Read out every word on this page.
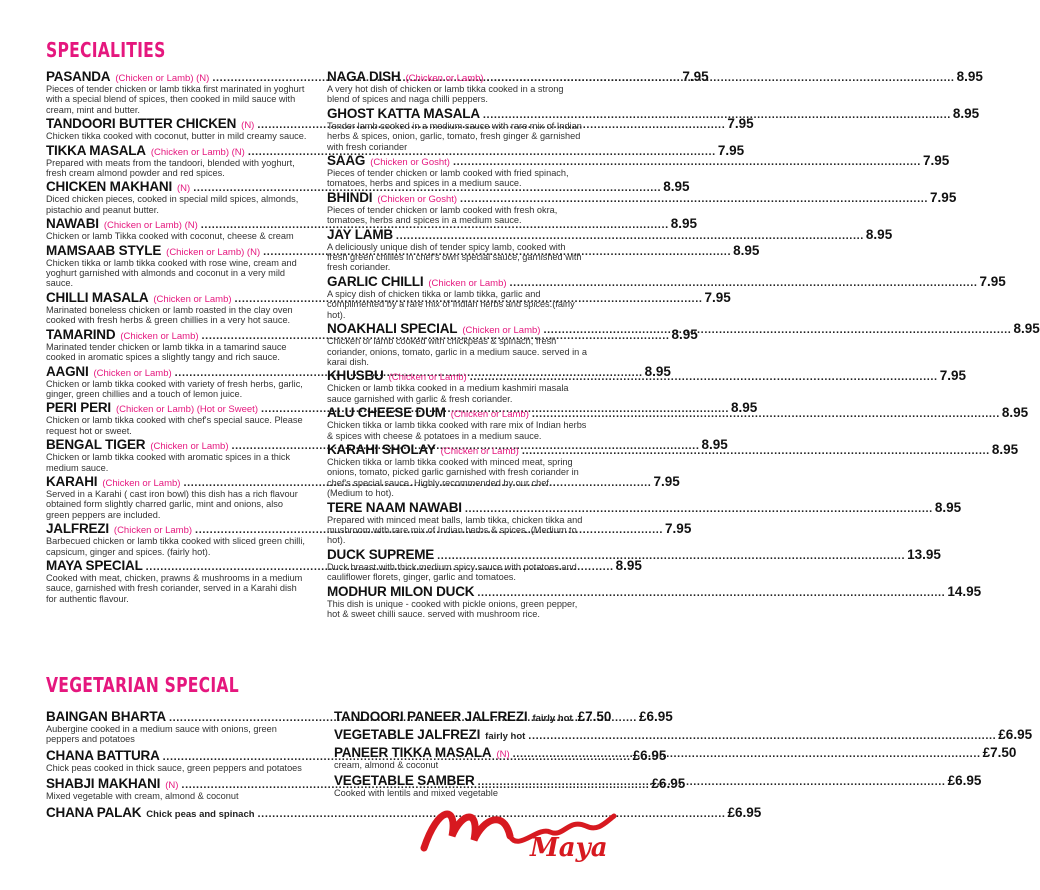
SPECIALITIES
PASANDA (Chicken or Lamb) (N) .....	7.95
Pieces of tender chicken or lamb tikka first marinated in yoghurt with a special blend of spices, then cooked in mild sauce with cream, mint and butter.
TANDOORI BUTTER CHICKEN (N) .....	7.95
Chicken tikka cooked with coconut, butter in mild creamy sauce.
TIKKA MASALA (Chicken or Lamb) (N) .....	7.95
Prepared with meats from the tandoori, blended with yoghurt, fresh cream almond powder and red spices.
CHICKEN MAKHANI (N) .....	8.95
Diced chicken pieces, cooked in special mild spices, almonds, pistachio and peanut butter.
NAWABI (Chicken or Lamb) (N) .....	8.95
Chicken or lamb Tikka cooked with coconut, cheese & cream
MAMSAAB STYLE (Chicken or Lamb) (N) .....	8.95
Chicken tikka or lamb tikka cooked with rose wine, cream and yoghurt garnished with almonds and coconut in a very mild sauce.
CHILLI MASALA (Chicken or Lamb) .....	7.95
Marinated boneless chicken or lamb roasted in the clay oven cooked with fresh herbs & green chillies in a very hot sauce.
TAMARIND (Chicken or Lamb) .....	8.95
Marinated tender chicken or lamb tikka in a tamarind sauce cooked in aromatic spices a slightly tangy and rich sauce.
AAGNI (Chicken or Lamb) .....	8.95
Chicken or lamb tikka cooked with variety of fresh herbs, garlic, ginger, green chillies and a touch of lemon juice.
PERI PERI (Chicken or Lamb) (Hot or Sweet) .....	8.95
Chicken or lamb tikka cooked with chef's special sauce. Please request hot or sweet.
BENGAL TIGER (Chicken or Lamb) .....	8.95
Chicken or lamb tikka cooked with aromatic spices in a thick medium sauce.
KARAHI (Chicken or Lamb) .....	7.95
Served in a Karahi ( cast iron bowl) this dish has a rich flavour obtained form slightly charred garlic, mint and onions, also green peppers are included.
JALFREZI (Chicken or Lamb) .....	7.95
Barbecued chicken or lamb tikka cooked with sliced green chilli, capsicum, ginger and spices. (fairly hot).
MAYA SPECIAL .....	8.95
Cooked with meat, chicken, prawns & mushrooms in a medium sauce, garnished with fresh coriander, served in a Karahi dish for authentic flavour.
NAGA DISH (Chicken or Lamb) .....	8.95
A very hot dish of chicken or lamb tikka cooked in a strong blend of spices and naga chilli peppers.
GHOST KATTA MASALA .....	8.95
Tender lamb cooked in a medium sauce with rare mix of Indian herbs & spices, onion, garlic, tomato, fresh ginger & garnished with fresh coriander
SAAG (Chicken or Gosht) .....	7.95
Pieces of tender chicken or lamb cooked with fried spinach, tomatoes, herbs and spices in a medium sauce.
BHINDI (Chicken or Gosht) .....	7.95
Pieces of tender chicken or lamb cooked with fresh okra, tomatoes, herbs and spices in a medium sauce.
JAY LAMB .....	8.95
A deliciously unique dish of tender spicy lamb, cooked with fresh green chillies in chef's own special sauce, garnished with fresh coriander.
GARLIC CHILLI (Chicken or Lamb) .....	7.95
A spicy dish of chicken tikka or lamb tikka, garlic and complimented by a rare mix of Indian herbs and spices.(fairly hot).
NOAKHALI SPECIAL (Chicken or Lamb) .....	8.95
Chicken or lamb cooked with chickpeas & spinach, fresh coriander, onions, tomato, garlic in a medium sauce. served in a karai dish.
KHUSBU (Chicken or Lamb) .....	7.95
Chicken or lamb tikka cooked in a medium kashmiri masala sauce garnished with garlic & fresh coriander.
ALU CHEESE DUM (Chicken or Lamb) .....	8.95
Chicken tikka or lamb tikka cooked with rare mix of Indian herbs & spices with cheese & potatoes in a medium sauce.
KARAHI SHOLAY (Chicken or Lamb) .....	8.95
Chicken tikka or lamb tikka cooked with minced meat, spring onions, tomato, picked garlic garnished with fresh coriander in chef's special sauce. Highly recommended by our chef.(Medium to hot).
TERE NAAM NAWABI .....	8.95
Prepared with minced meat balls, lamb tikka, chicken tikka and mushroom with rare mix of Indian herbs & spices. (Medium to hot).
DUCK SUPREME .....	13.95
Duck breast with thick medium spicy sauce with potatoes and cauliflower florets, ginger, garlic and tomatoes.
MODHUR MILON DUCK .....	14.95
This dish is unique - cooked with pickle onions, green pepper, hot & sweet chilli sauce. served with mushroom rice.
VEGETARIAN SPECIAL
BAINGAN BHARTA .....	£6.95
Aubergine cooked in a medium sauce with onions, green peppers and potatoes
CHANA BATTURA .....	£6.95
Chick peas cooked in thick sauce, green peppers and potatoes
SHABJI MAKHANI (N) .....	£6.95
Mixed vegetable with cream, almond & coconut
CHANA PALAK Chick peas and spinach .....	£6.95
TANDOORI PANEER JALFREZI fairly hot £7.50
VEGETABLE JALFREZI fairly hot .....	£6.95
PANEER TIKKA MASALA (N) .....	£7.50
cream, almond & coconut
VEGETABLE SAMBER .....	£6.95
Cooked with lentils and mixed vegetable
Maya
